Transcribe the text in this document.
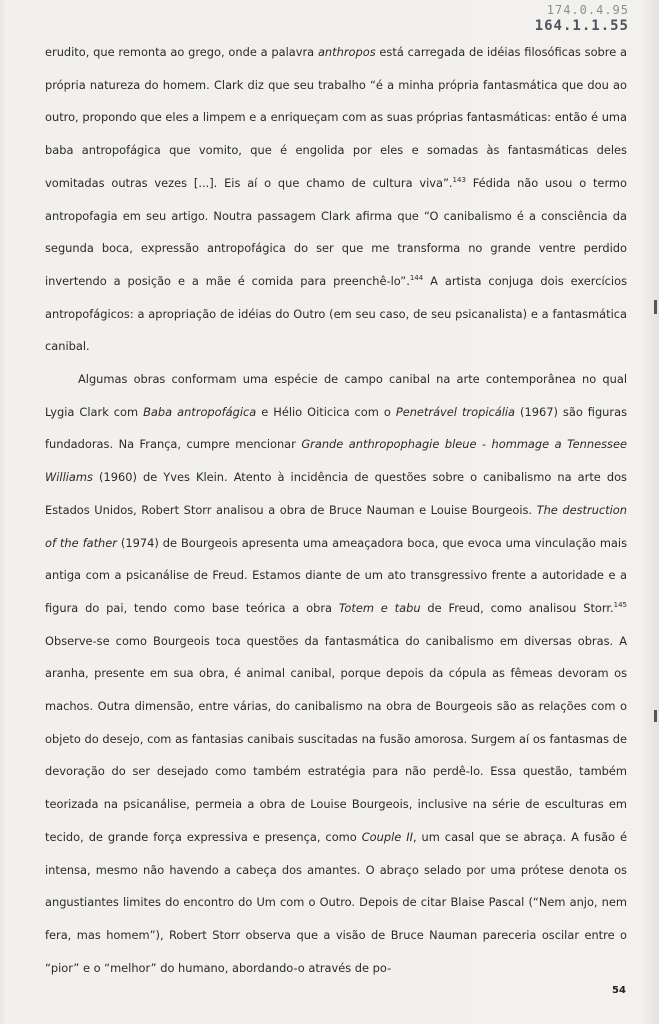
174.0.4.95
164.1.1.55

erudito, que remonta ao grego, onde a palavra anthropos está carregada de idéias filosóficas sobre a própria natureza do homem. Clark diz que seu trabalho “é a minha própria fantasmática que dou ao outro, propondo que eles a limpem e a enriqueçam com as suas próprias fantasmáticas: então é uma baba antropofágica que vomito, que é engolida por eles e somadas às fantasmáticas deles vomitadas outras vezes [...]. Eis aí o que chamo de cultura viva”.$^{143}$ Fédida não usou o termo antropofagia em seu artigo. Noutra passagem Clark afirma que “O canibalismo é a consciência da segunda boca, expressão antropofágica do ser que me transforma no grande ventre perdido invertendo a posição e a mãe é comida para preenchê-lo”.$^{144}$ A artista conjuga dois exercícios antropofágicos: a apropriação de idéias do Outro (em seu caso, de seu psicanalista) e a fantasmática canibal.

Algumas obras conformam uma espécie de campo canibal na arte contemporânea no qual Lygia Clark com Baba antropofágica e Hélio Oiticica com o Penetrável tropicália (1967) são figuras fundadoras. Na França, cumpre mencionar Grande anthropophagie bleue - hommage a Tennessee Williams (1960) de Yves Klein. Atento à incidência de questões sobre o canibalismo na arte dos Estados Unidos, Robert Storr analisou a obra de Bruce Nauman e Louise Bourgeois. The destruction of the father (1974) de Bourgeois apresenta uma ameaçadora boca, que evoca uma vinculação mais antiga com a psicanálise de Freud. Estamos diante de um ato transgressivo frente a autoridade e a figura do pai, tendo como base teórica a obra Totem e tabu de Freud, como analisou Storr.$^{145}$ Observe-se como Bourgeois toca questões da fantasmática do canibalismo em diversas obras. A aranha, presente em sua obra, é animal canibal, porque depois da cópula as fêmeas devoram os machos. Outra dimensão, entre várias, do canibalismo na obra de Bourgeois são as relações com o objeto do desejo, com as fantasias canibais suscitadas na fusão amorosa. Surgem aí os fantasmas de devoração do ser desejado como também estratégia para não perdê-lo. Essa questão, também teorizada na psicanálise, permeia a obra de Louise Bourgeois, inclusive na série de esculturas em tecido, de grande força expressiva e presença, como Couple II, um casal que se abraça. A fusão é intensa, mesmo não havendo a cabeça dos amantes. O abraço selado por uma prótese denota os angustiantes limites do encontro do Um com o Outro. Depois de citar Blaise Pascal (“Nem anjo, nem fera, mas homem”), Robert Storr observa que a visão de Bruce Nauman pareceria oscilar entre o “pior” e o “melhor” do humano, abordando-o através de po-

54
